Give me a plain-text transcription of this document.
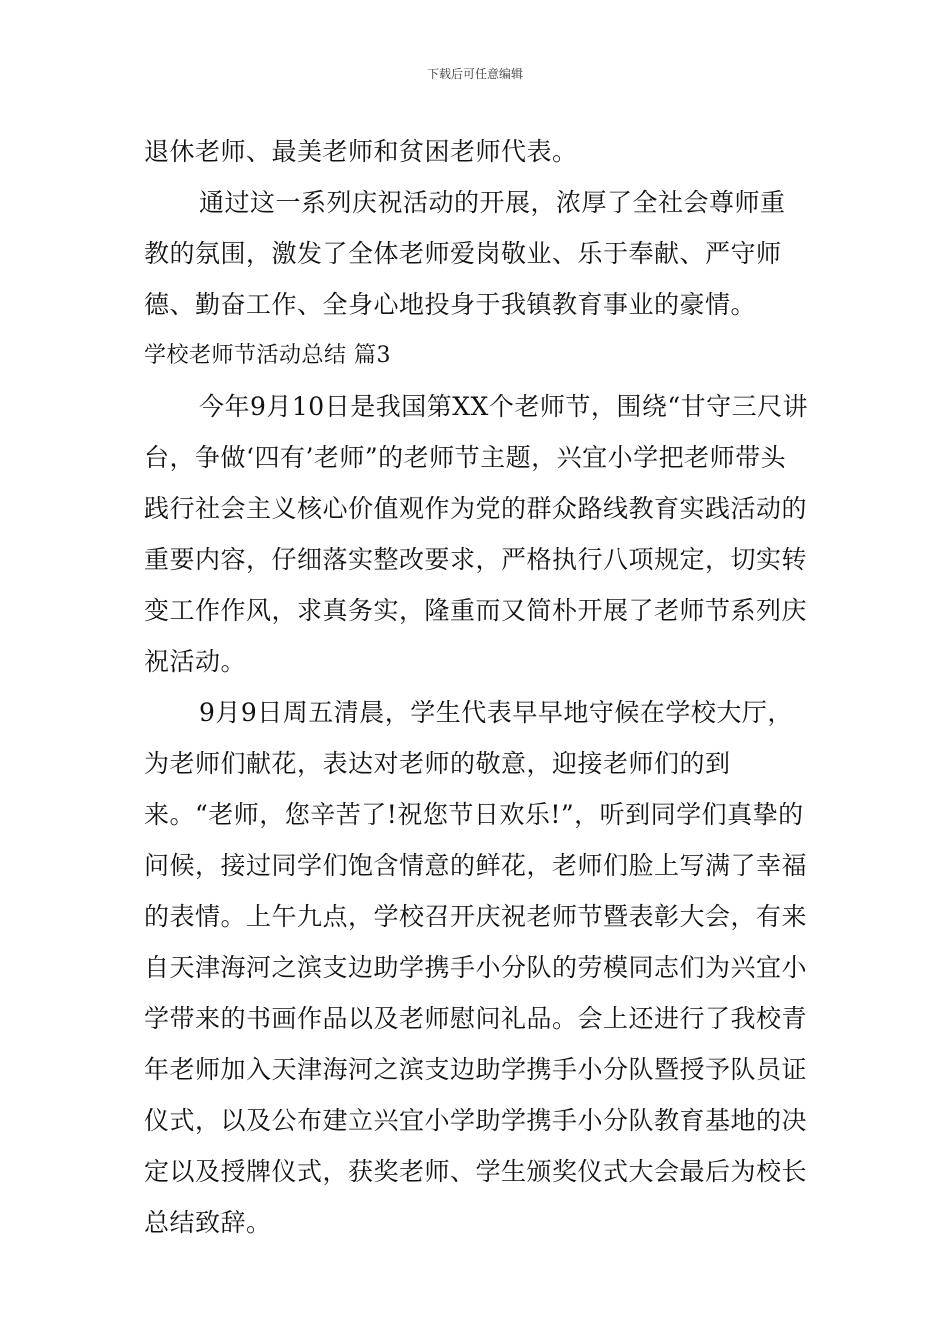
下载后可任意编辑

退休老师、最美老师和贫困老师代表。

通过这一系列庆祝活动的开展，浓厚了全社会尊师重教的氛围，激发了全体老师爱岗敬业、乐于奉献、严守师德、勤奋工作、全身心地投身于我镇教育事业的豪情。

学校老师节活动总结 篇3

今年9月10日是我国第XX个老师节，围绕“甘守三尺讲台，争做‘四有’老师”的老师节主题，兴宜小学把老师带头践行社会主义核心价值观作为党的群众路线教育实践活动的重要内容，仔细落实整改要求，严格执行八项规定，切实转变工作作风，求真务实，隆重而又简朴开展了老师节系列庆祝活动。

9月9日周五清晨，学生代表早早地守候在学校大厅，为老师们献花，表达对老师的敬意，迎接老师们的到来。“老师，您辛苦了!祝您节日欢乐!”，听到同学们真挚的问候，接过同学们饱含情意的鲜花，老师们脸上写满了幸福的表情。上午九点，学校召开庆祝老师节暨表彰大会，有来自天津海河之滨支边助学携手小分队的劳模同志们为兴宜小学带来的书画作品以及老师慰问礼品。会上还进行了我校青年老师加入天津海河之滨支边助学携手小分队暨授予队员证仪式，以及公布建立兴宜小学助学携手小分队教育基地的决定以及授牌仪式，获奖老师、学生颁奖仪式大会最后为校长总结致辞。
